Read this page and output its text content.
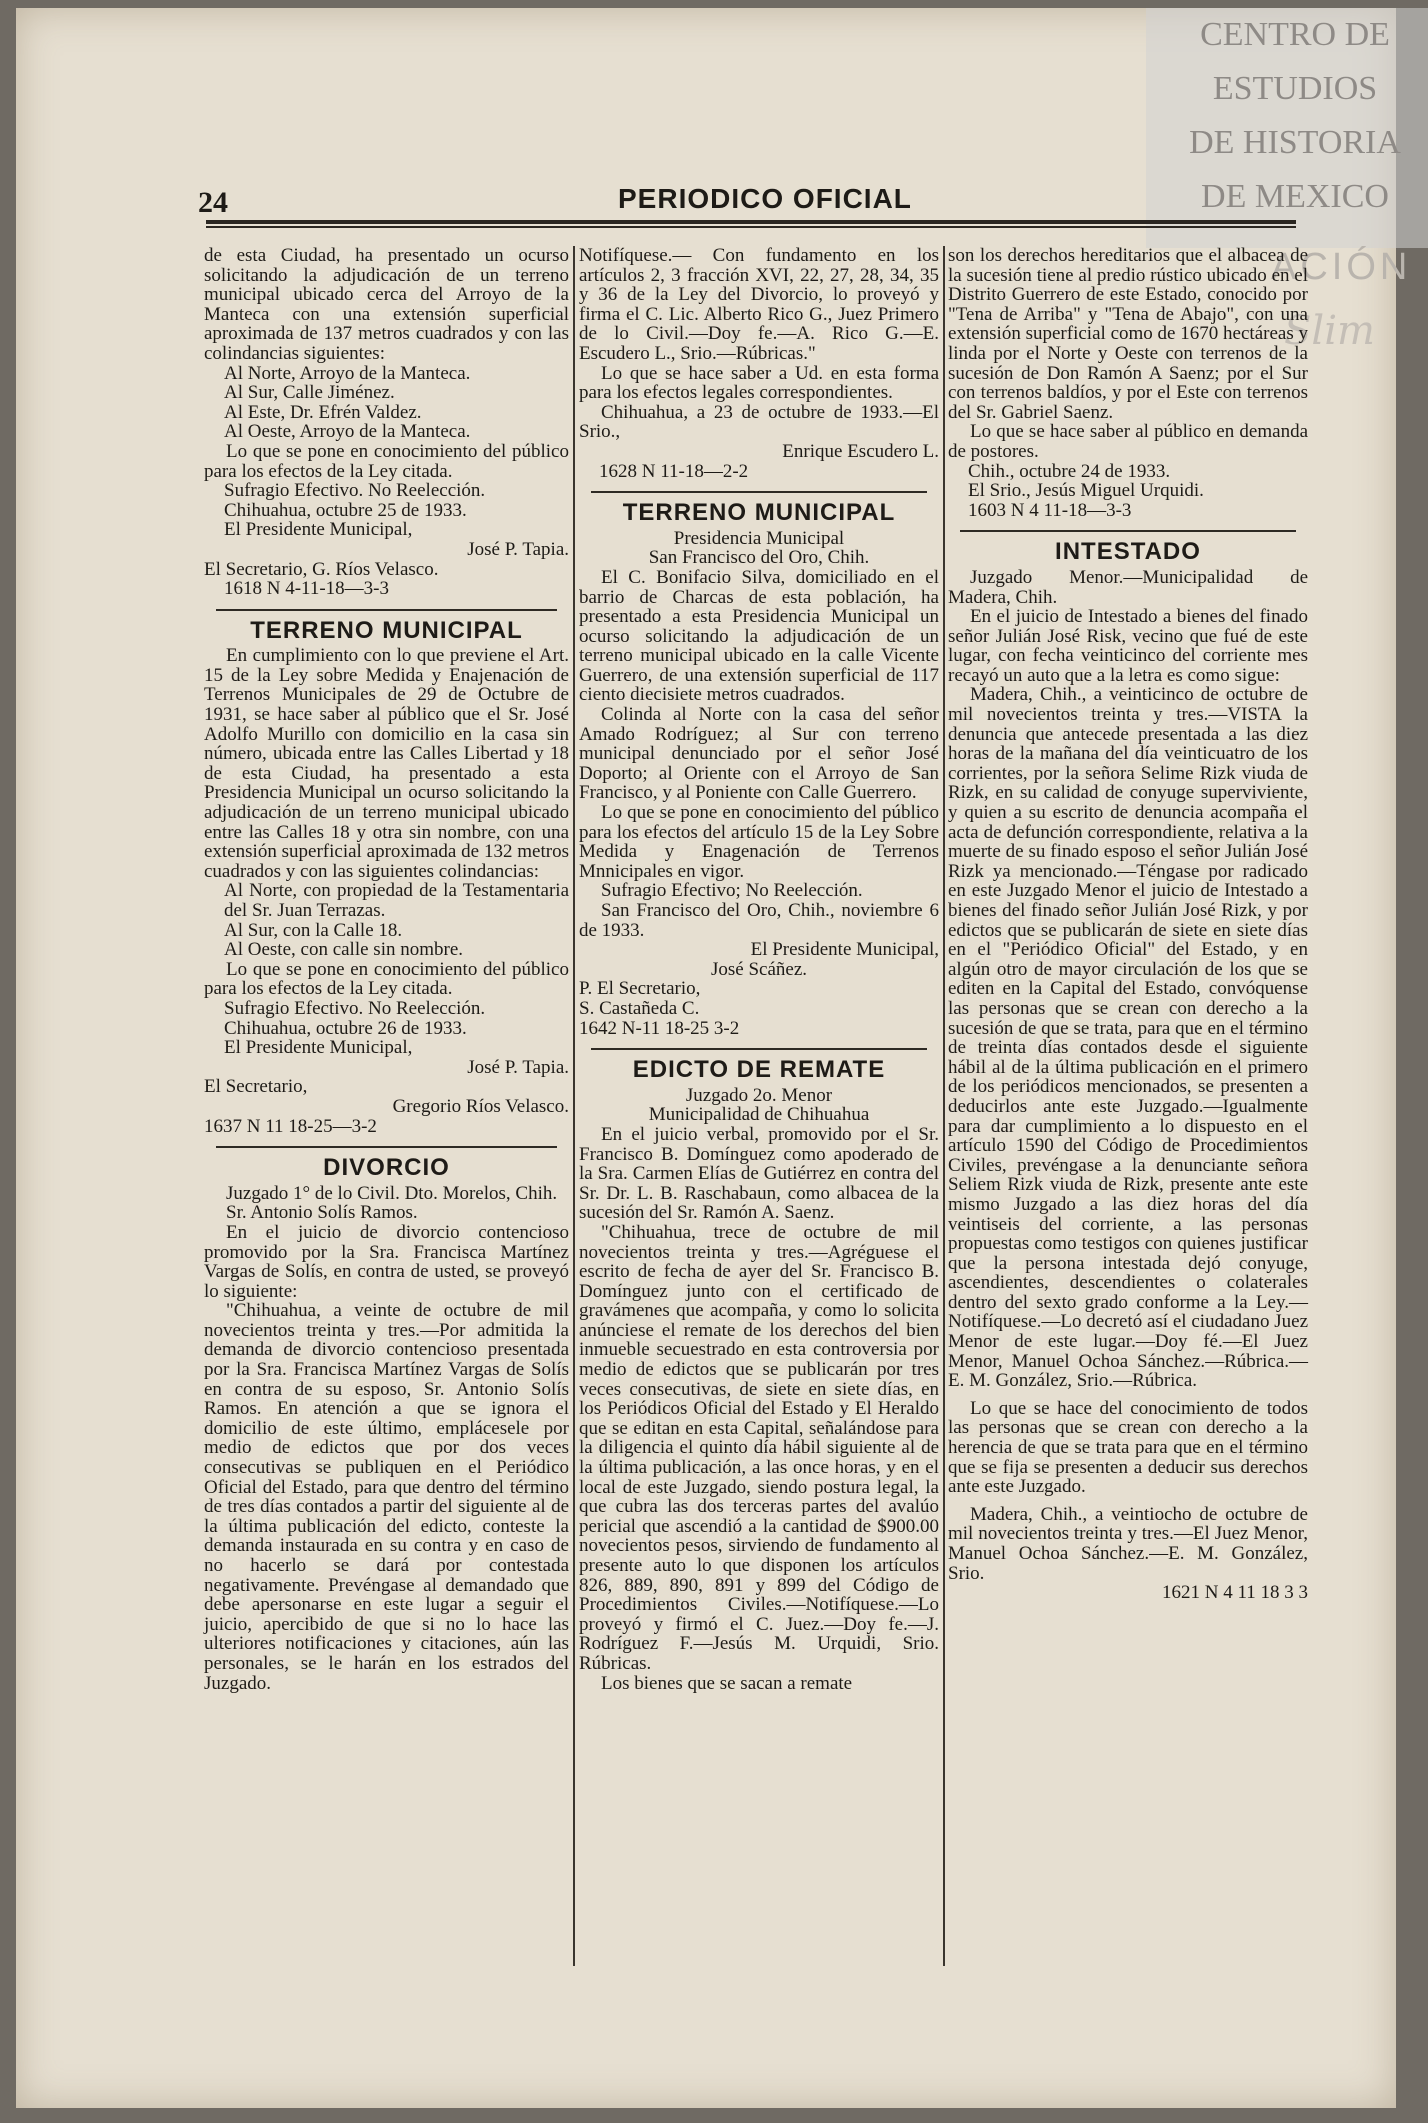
CENTRO DE
ESTUDIOS
DE HISTORIA
DE MEXICO
ACIÓN
Slim
24	PERIODICO OFICIAL

de esta Ciudad, ha presentado un ocurso solicitando la adjudicación de un terreno municipal ubicado cerca del Arroyo de la Manteca con una extensión superficial aproximada de 137 metros cuadrados y con las colindancias siguientes:

Al Norte, Arroyo de la Manteca.

Al Sur, Calle Jiménez.

Al Este, Dr. Efrén Valdez.

Al Oeste, Arroyo de la Manteca.

Lo que se pone en conocimiento del público para los efectos de la Ley citada.

Sufragio Efectivo. No Reelección.

Chihuahua, octubre 25 de 1933.

El Presidente Municipal,

José P. Tapia.

El Secretario, G. Ríos Velasco.

1618 N 4-11-18—3-3

TERRENO MUNICIPAL

En cumplimiento con lo que previene el Art. 15 de la Ley sobre Medida y Enajenación de Terrenos Municipales de 29 de Octubre de 1931, se hace saber al público que el Sr. José Adolfo Murillo con domicilio en la casa sin número, ubicada entre las Calles Libertad y 18 de esta Ciudad, ha presentado a esta Presidencia Municipal un ocurso solicitando la adjudicación de un terreno municipal ubicado entre las Calles 18 y otra sin nombre, con una extensión superficial aproximada de 132 metros cuadrados y con las siguientes colindancias:

Al Norte, con propiedad de la Testamentaria del Sr. Juan Terrazas.

Al Sur, con la Calle 18.

Al Oeste, con calle sin nombre.

Lo que se pone en conocimiento del público para los efectos de la Ley citada.

Sufragio Efectivo. No Reelección.

Chihuahua, octubre 26 de 1933.

El Presidente Municipal,

José P. Tapia.

El Secretario,

Gregorio Ríos Velasco.

1637 N 11 18-25—3-2

DIVORCIO

Juzgado 1° de lo Civil. Dto. Morelos, Chih.

Sr. Antonio Solís Ramos.

En el juicio de divorcio contencioso promovido por la Sra. Francisca Martínez Vargas de Solís, en contra de usted, se proveyó lo siguiente:

"Chihuahua, a veinte de octubre de mil novecientos treinta y tres.—Por admitida la demanda de divorcio contencioso presentada por la Sra. Francisca Martínez Vargas de Solís en contra de su esposo, Sr. Antonio Solís Ramos. En atención a que se ignora el domicilio de este último, emplácesele por medio de edictos que por dos veces consecutivas se publiquen en el Periódico Oficial del Estado, para que dentro del término de tres días contados a partir del siguiente al de la última publicación del edicto, conteste la demanda instaurada en su contra y en caso de no hacerlo se dará por contestada negativamente. Prevéngase al demandado que debe apersonarse en este lugar a seguir el juicio, apercibido de que si no lo hace las ulteriores notificaciones y citaciones, aún las personales, se le harán en los estrados del Juzgado.

Notifíquese.— Con fundamento en los artículos 2, 3 fracción XVI, 22, 27, 28, 34, 35 y 36 de la Ley del Divorcio, lo proveyó y firma el C. Lic. Alberto Rico G., Juez Primero de lo Civil.—Doy fe.—A. Rico G.—E. Escudero L., Srio.—Rúbricas."

Lo que se hace saber a Ud. en esta forma para los efectos legales correspondientes.

Chihuahua, a 23 de octubre de 1933.—El Srio.,

Enrique Escudero L.

1628 N 11-18—2-2

TERRENO MUNICIPAL

Presidencia Municipal

San Francisco del Oro, Chih.

El C. Bonifacio Silva, domiciliado en el barrio de Charcas de esta población, ha presentado a esta Presidencia Municipal un ocurso solicitando la adjudicación de un terreno municipal ubicado en la calle Vicente Guerrero, de una extensión superficial de 117 ciento diecisiete metros cuadrados.

Colinda al Norte con la casa del señor Amado Rodríguez; al Sur con terreno municipal denunciado por el señor José Doporto; al Oriente con el Arroyo de San Francisco, y al Poniente con Calle Guerrero.

Lo que se pone en conocimiento del público para los efectos del artículo 15 de la Ley Sobre Medida y Enagenación de Terrenos Mnnicipales en vigor.

Sufragio Efectivo; No Reelección.

San Francisco del Oro, Chih., noviembre 6 de 1933.

El Presidente Municipal,

José Scáñez.

P. El Secretario,

S. Castañeda C.

1642 N-11 18-25 3-2

EDICTO DE REMATE

Juzgado 2o. Menor

Municipalidad de Chihuahua

En el juicio verbal, promovido por el Sr. Francisco B. Domínguez como apoderado de la Sra. Carmen Elías de Gutiérrez en contra del Sr. Dr. L. B. Raschabaun, como albacea de la sucesión del Sr. Ramón A. Saenz.

"Chihuahua, trece de octubre de mil novecientos treinta y tres.—Agréguese el escrito de fecha de ayer del Sr. Francisco B. Domínguez junto con el certificado de gravámenes que acompaña, y como lo solicita anúnciese el remate de los derechos del bien inmueble secuestrado en esta controversia por medio de edictos que se publicarán por tres veces consecutivas, de siete en siete días, en los Periódicos Oficial del Estado y El Heraldo que se editan en esta Capital, señalándose para la diligencia el quinto día hábil siguiente al de la última publicación, a las once horas, y en el local de este Juzgado, siendo postura legal, la que cubra las dos terceras partes del avalúo pericial que ascendió a la cantidad de $900.00 novecientos pesos, sirviendo de fundamento al presente auto lo que disponen los artículos 826, 889, 890, 891 y 899 del Código de Procedimientos Civiles.—Notifíquese.—Lo proveyó y firmó el C. Juez.—Doy fe.—J. Rodríguez F.—Jesús M. Urquidi, Srio. Rúbricas.

Los bienes que se sacan a remate

son los derechos hereditarios que el albacea de la sucesión tiene al predio rústico ubicado en el Distrito Guerrero de este Estado, conocido por "Tena de Arriba" y "Tena de Abajo", con una extensión superficial como de 1670 hectáreas y linda por el Norte y Oeste con terrenos de la sucesión de Don Ramón A Saenz; por el Sur con terrenos baldíos, y por el Este con terrenos del Sr. Gabriel Saenz.

Lo que se hace saber al público en demanda de postores.

Chih., octubre 24 de 1933.

El Srio., Jesús Miguel Urquidi.

1603 N 4 11-18—3-3

INTESTADO

Juzgado Menor.—Municipalidad de Madera, Chih.

En el juicio de Intestado a bienes del finado señor Julián José Risk, vecino que fué de este lugar, con fecha veinticinco del corriente mes recayó un auto que a la letra es como sigue:

Madera, Chih., a veinticinco de octubre de mil novecientos treinta y tres.—VISTA la denuncia que antecede presentada a las diez horas de la mañana del día veinticuatro de los corrientes, por la señora Selime Rizk viuda de Rizk, en su calidad de conyuge superviviente, y quien a su escrito de denuncia acompaña el acta de defunción correspondiente, relativa a la muerte de su finado esposo el señor Julián José Rizk ya mencionado.—Téngase por radicado en este Juzgado Menor el juicio de Intestado a bienes del finado señor Julián José Rizk, y por edictos que se publicarán de siete en siete días en el "Periódico Oficial" del Estado, y en algún otro de mayor circulación de los que se editen en la Capital del Estado, convóquense las personas que se crean con derecho a la sucesión de que se trata, para que en el término de treinta días contados desde el siguiente hábil al de la última publicación en el primero de los periódicos mencionados, se presenten a deducirlos ante este Juzgado.—Igualmente para dar cumplimiento a lo dispuesto en el artículo 1590 del Código de Procedimientos Civiles, prevéngase a la denunciante señora Seliem Rizk viuda de Rizk, presente ante este mismo Juzgado a las diez horas del día veintiseis del corriente, a las personas propuestas como testigos con quienes justificar que la persona intestada dejó conyuge, ascendientes, descendientes o colaterales dentro del sexto grado conforme a la Ley.—Notifíquese.—Lo decretó así el ciudadano Juez Menor de este lugar.—Doy fé.—El Juez Menor, Manuel Ochoa Sánchez.—Rúbrica.—E. M. González, Srio.—Rúbrica.

Lo que se hace del conocimiento de todos las personas que se crean con derecho a la herencia de que se trata para que en el término que se fija se presenten a deducir sus derechos ante este Juzgado.

Madera, Chih., a veintiocho de octubre de mil novecientos treinta y tres.—El Juez Menor, Manuel Ochoa Sánchez.—E. M. González, Srio.

1621 N 4 11 18 3 3
